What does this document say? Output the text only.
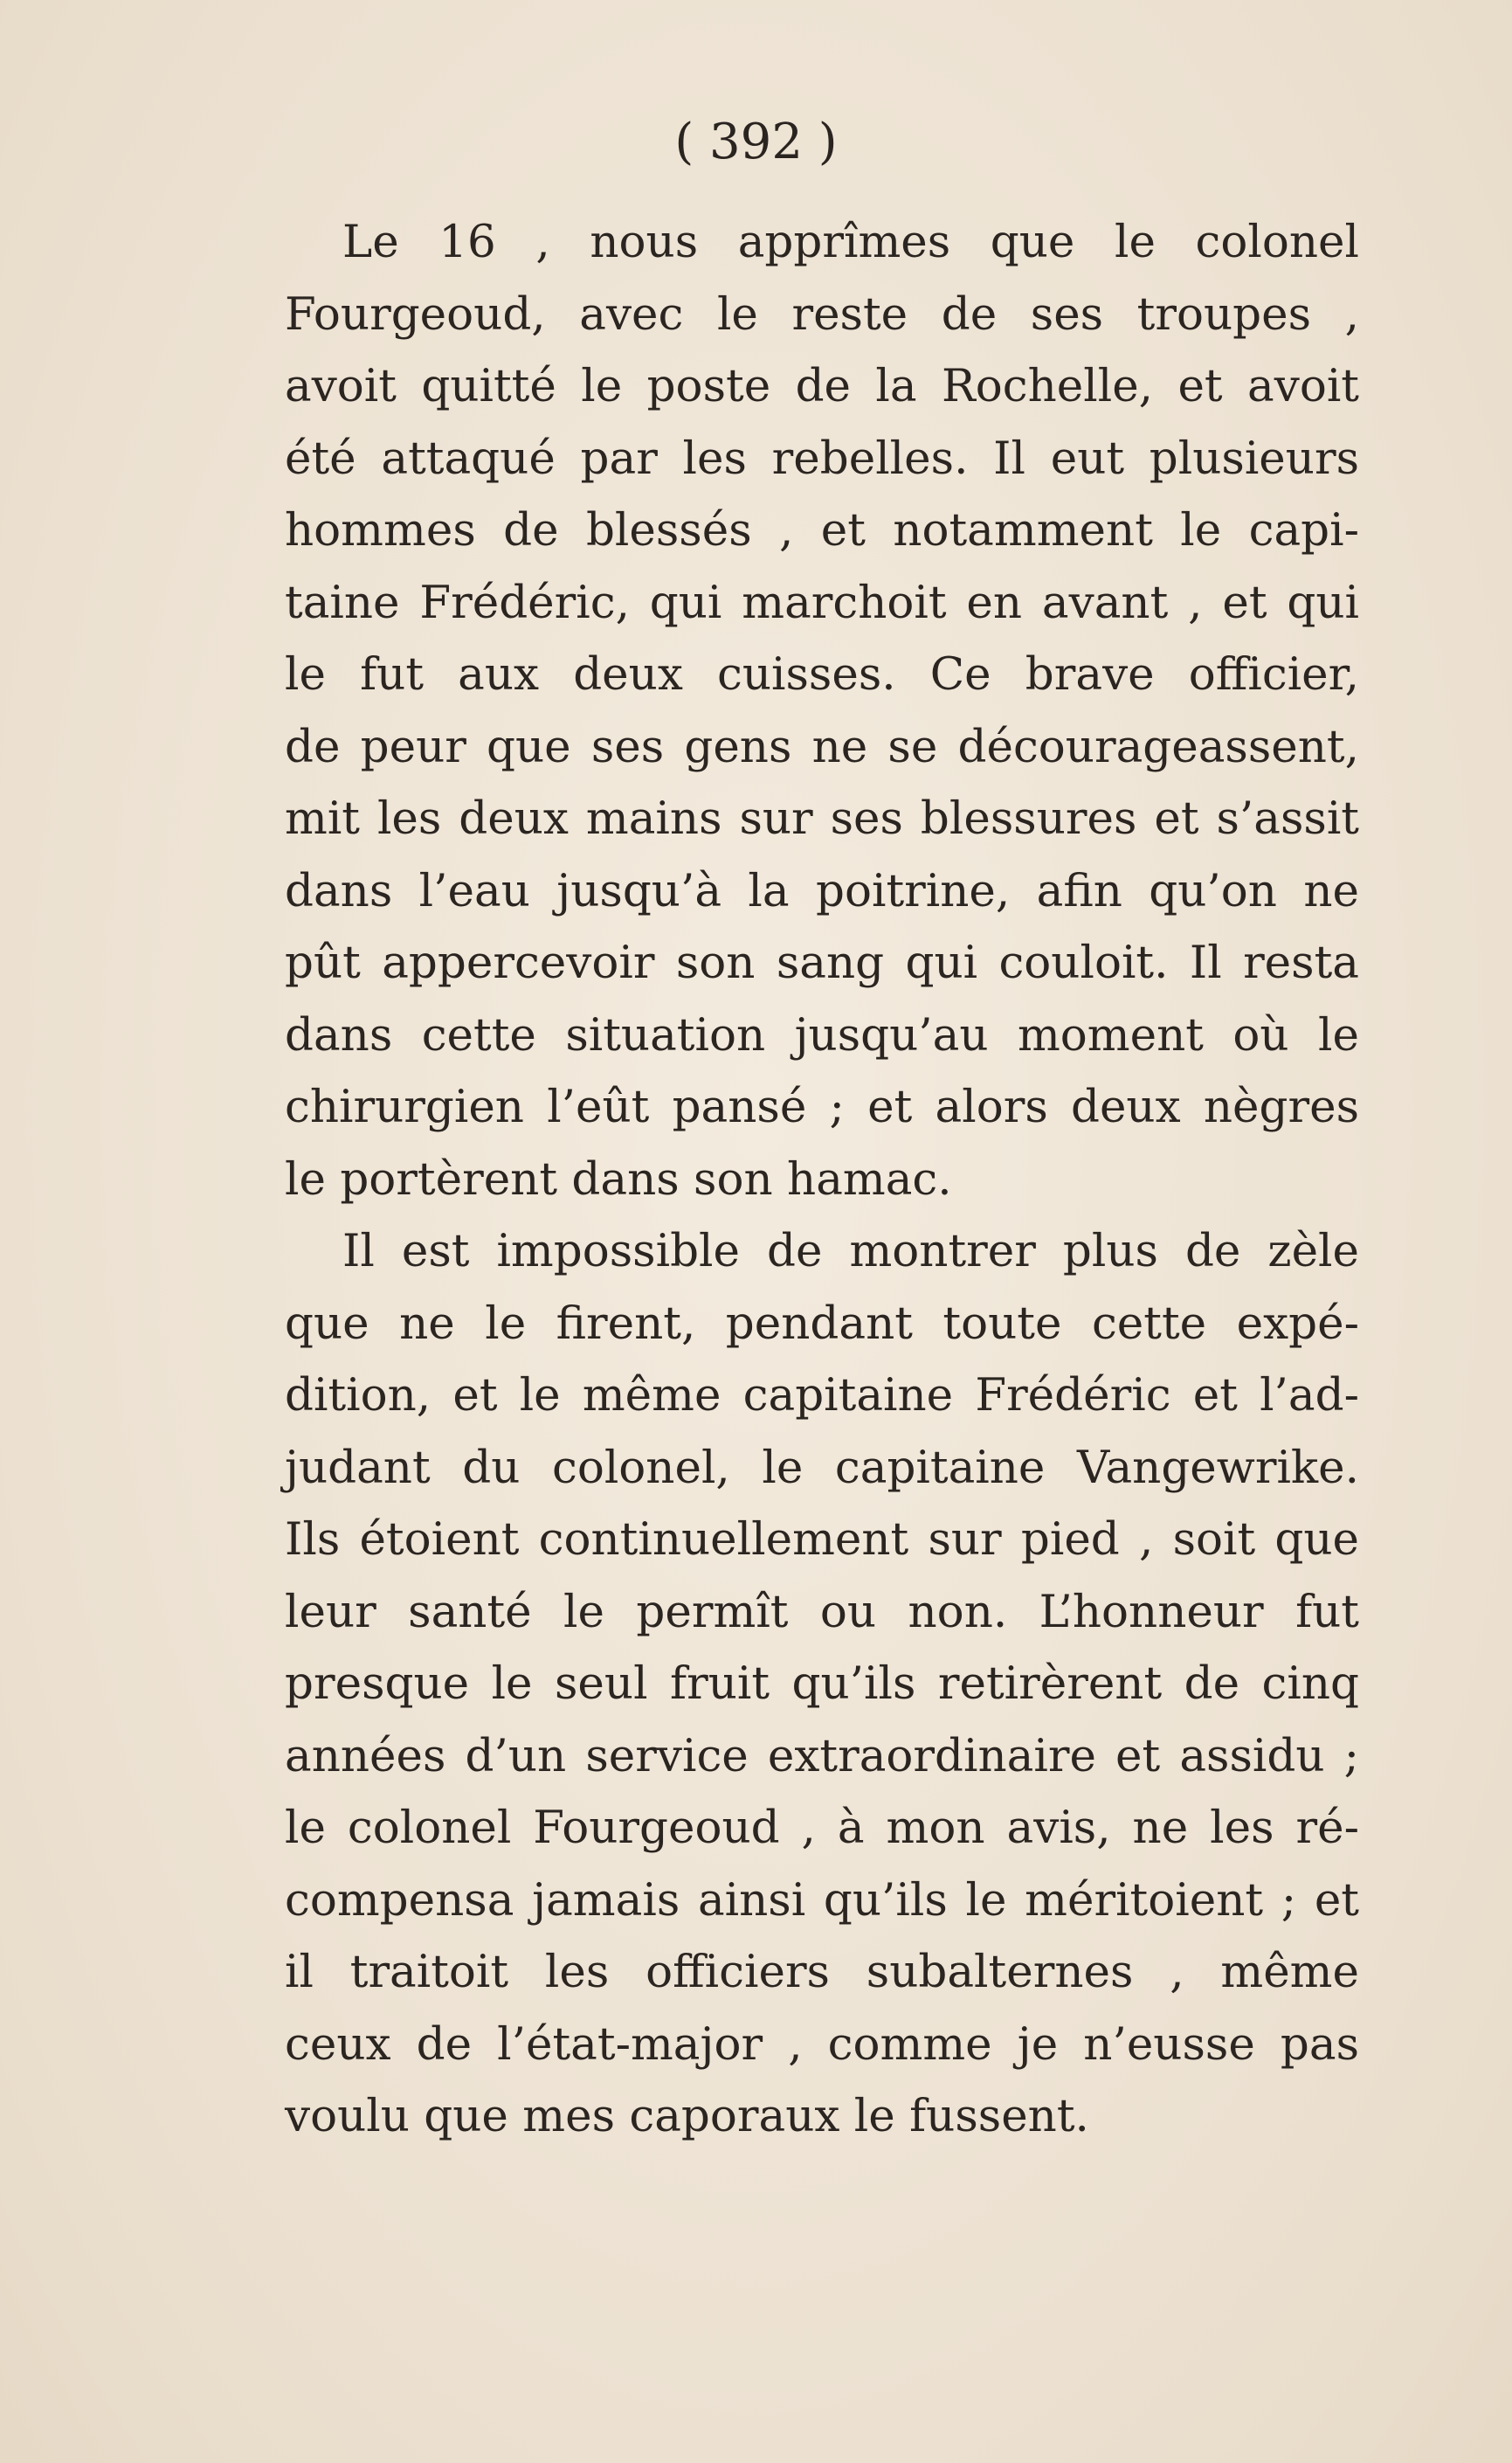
( 392 )
Le 16 , nous apprîmes que le colonel
Fourgeoud, avec le reste de ses troupes ,
avoit quitté le poste de la Rochelle, et avoit
été attaqué par les rebelles. Il eut plusieurs
hommes de blessés , et notamment le capi-
taine Frédéric, qui marchoit en avant , et qui
le fut aux deux cuisses. Ce brave officier,
de peur que ses gens ne se décourageassent,
mit les deux mains sur ses blessures et s’assit
dans l’eau jusqu’à la poitrine, afin qu’on ne
pût appercevoir son sang qui couloit. Il resta
dans cette situation jusqu’au moment où le
chirurgien l’eût pansé ; et alors deux nègres
le portèrent dans son hamac.
Il est impossible de montrer plus de zèle
que ne le firent, pendant toute cette expé-
dition, et le même capitaine Frédéric et l’ad-
judant du colonel, le capitaine Vangewrike.
Ils étoient continuellement sur pied , soit que
leur santé le permît ou non. L’honneur fut
presque le seul fruit qu’ils retirèrent de cinq
années d’un service extraordinaire et assidu ;
le colonel Fourgeoud , à mon avis, ne les ré-
compensa jamais ainsi qu’ils le méritoient ; et
il traitoit les officiers subalternes , même
ceux de l’état-major , comme je n’eusse pas
voulu que mes caporaux le fussent.
